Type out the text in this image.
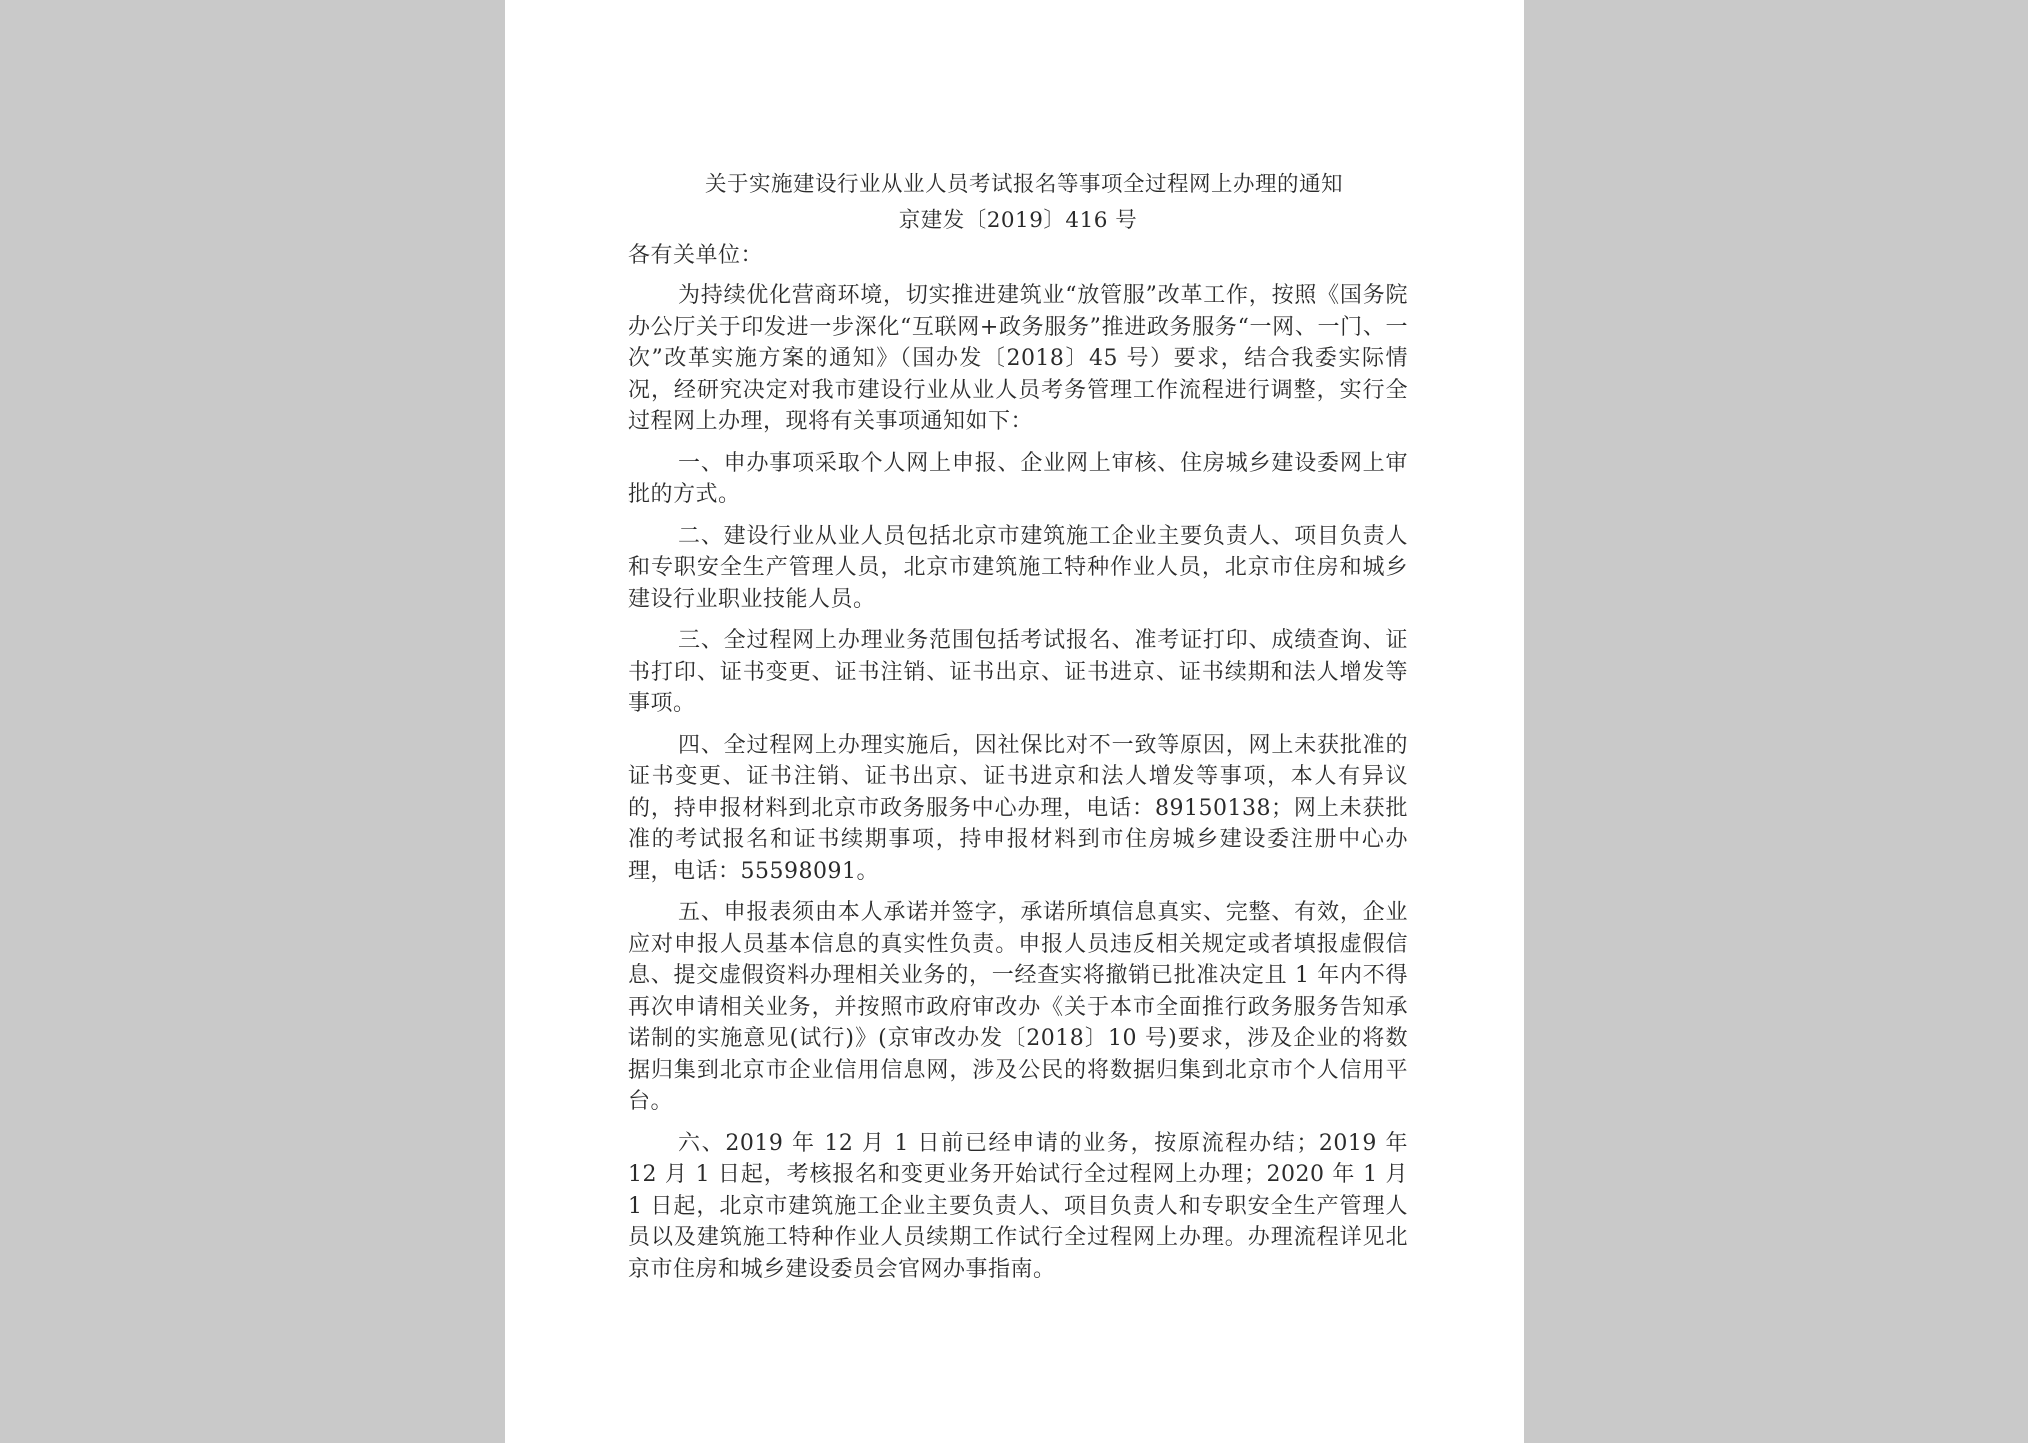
关于实施建设行业从业人员考试报名等事项全过程网上办理的通知

京建发〔2019〕416 号

各有关单位：

为持续优化营商环境，切实推进建筑业“放管服”改革工作，按照《国务院办公厅关于印发进一步深化“互联网+政务服务”推进政务服务“一网、一门、一次”改革实施方案的通知》（国办发〔2018〕45 号）要求，结合我委实际情况，经研究决定对我市建设行业从业人员考务管理工作流程进行调整，实行全过程网上办理，现将有关事项通知如下：

一、申办事项采取个人网上申报、企业网上审核、住房城乡建设委网上审批的方式。

二、建设行业从业人员包括北京市建筑施工企业主要负责人、项目负责人和专职安全生产管理人员，北京市建筑施工特种作业人员，北京市住房和城乡建设行业职业技能人员。

三、全过程网上办理业务范围包括考试报名、准考证打印、成绩查询、证书打印、证书变更、证书注销、证书出京、证书进京、证书续期和法人增发等事项。

四、全过程网上办理实施后，因社保比对不一致等原因，网上未获批准的证书变更、证书注销、证书出京、证书进京和法人增发等事项，本人有异议的，持申报材料到北京市政务服务中心办理，电话：89150138；网上未获批准的考试报名和证书续期事项，持申报材料到市住房城乡建设委注册中心办理，电话：55598091。

五、申报表须由本人承诺并签字，承诺所填信息真实、完整、有效，企业应对申报人员基本信息的真实性负责。申报人员违反相关规定或者填报虚假信息、提交虚假资料办理相关业务的，一经查实将撤销已批准决定且 1 年内不得再次申请相关业务，并按照市政府审改办《关于本市全面推行政务服务告知承诺制的实施意见(试行)》(京审改办发〔2018〕10 号)要求，涉及企业的将数据归集到北京市企业信用信息网，涉及公民的将数据归集到北京市个人信用平台。

六、2019 年 12 月 1 日前已经申请的业务，按原流程办结；2019 年 12 月 1 日起，考核报名和变更业务开始试行全过程网上办理；2020 年 1 月 1 日起，北京市建筑施工企业主要负责人、项目负责人和专职安全生产管理人员以及建筑施工特种作业人员续期工作试行全过程网上办理。办理流程详见北京市住房和城乡建设委员会官网办事指南。
